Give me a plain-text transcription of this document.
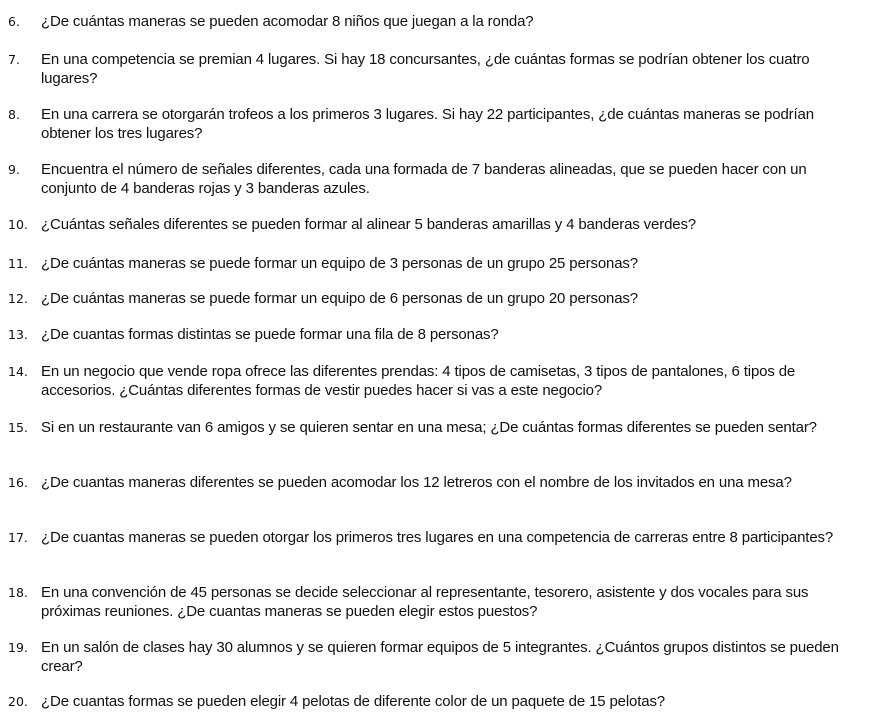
6.	¿De cuántas maneras se pueden acomodar 8 niños que juegan a la ronda?
7.	En una competencia se premian 4 lugares. Si hay 18 concursantes, ¿de cuántas formas se podrían obtener los cuatro lugares?
8.	En una carrera se otorgarán trofeos a los primeros 3 lugares. Si hay 22 participantes, ¿de cuántas maneras se podrían obtener los tres lugares?
9.	Encuentra el número de señales diferentes, cada una formada de 7 banderas alineadas, que se pueden hacer con un conjunto de 4 banderas rojas y 3 banderas azules.
10. ¿Cuántas señales diferentes se pueden formar al alinear 5 banderas amarillas y 4 banderas verdes?
11. ¿De cuántas maneras se puede formar un equipo de 3 personas de un grupo 25 personas?
12. ¿De cuántas maneras se puede formar un equipo de 6 personas de un grupo 20 personas?
13. ¿De cuantas formas distintas se puede formar una fila de 8 personas?
14. En un negocio que vende ropa ofrece las diferentes prendas: 4 tipos de camisetas, 3 tipos de pantalones, 6 tipos de accesorios. ¿Cuántas diferentes formas de vestir puedes hacer si vas a este negocio?
15. Si en un restaurante van 6 amigos y se quieren sentar en una mesa; ¿De cuántas formas diferentes se pueden sentar?
16. ¿De cuantas maneras diferentes se pueden acomodar los 12 letreros con el nombre de los invitados en una mesa?
17. ¿De cuantas maneras se pueden otorgar los primeros tres lugares en una competencia de carreras entre 8 participantes?
18. En una convención de 45 personas se decide seleccionar al representante, tesorero, asistente y dos vocales para sus próximas reuniones. ¿De cuantas maneras se pueden elegir estos puestos?
19. En un salón de clases hay 30 alumnos y se quieren formar equipos de 5 integrantes. ¿Cuántos grupos distintos se pueden crear?
20. ¿De cuantas formas se pueden elegir 4 pelotas de diferente color de un paquete de 15 pelotas?
